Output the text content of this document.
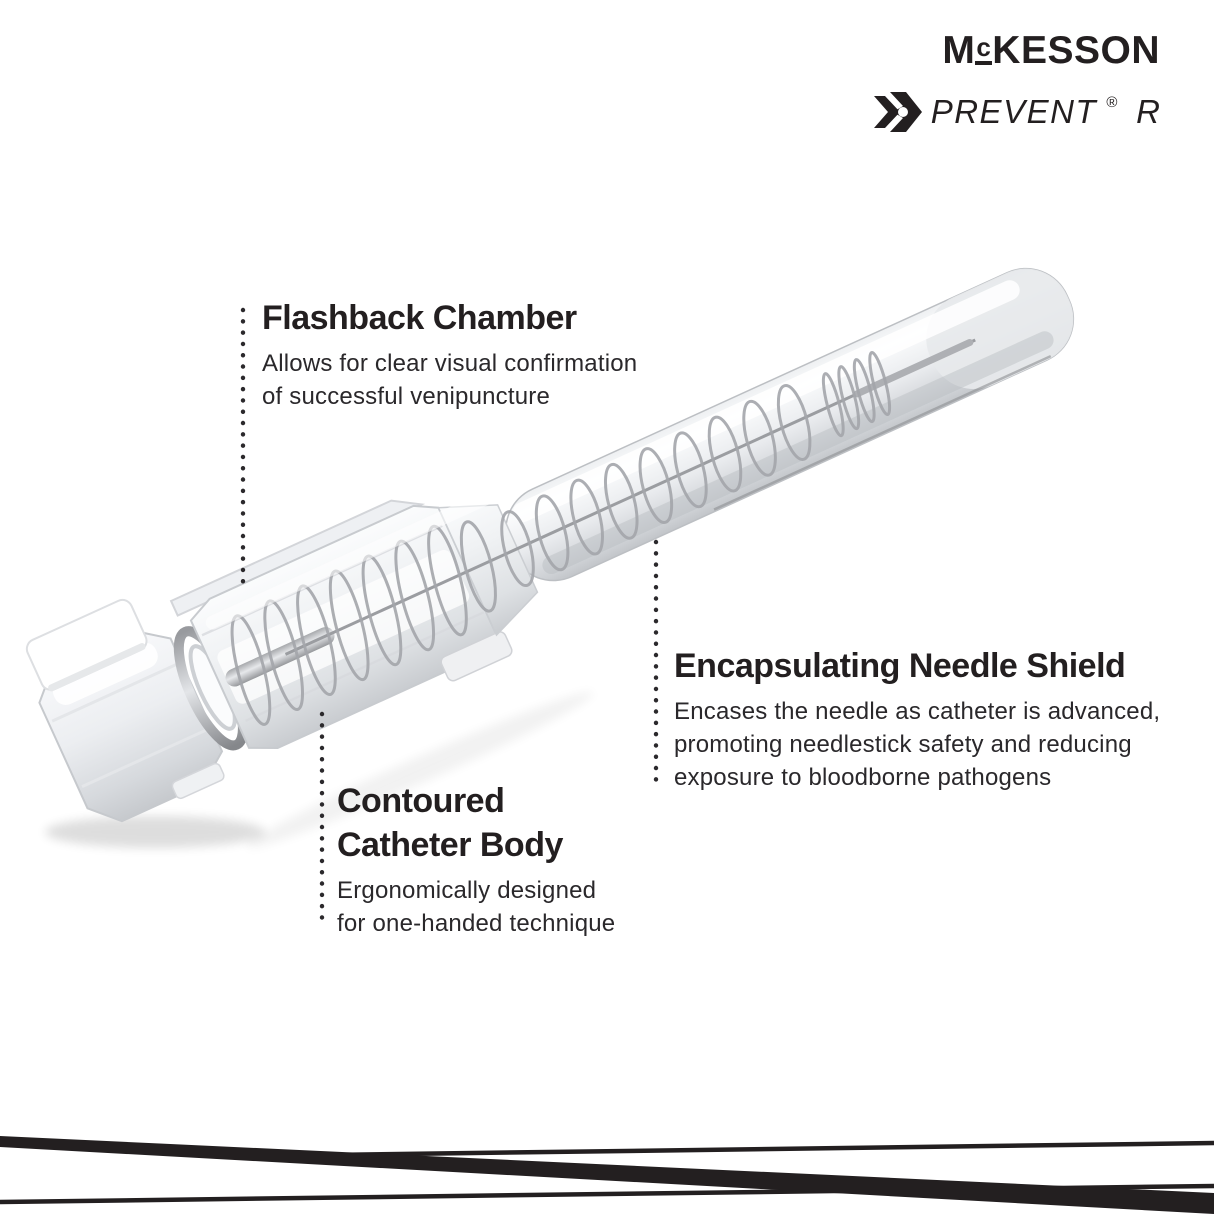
McKESSON
PREVENT ® R
Flashback Chamber
Allows for clear visual confirmation
of successful venipuncture
Encapsulating Needle Shield
Encases the needle as catheter is advanced,
promoting needlestick safety and reducing
exposure to bloodborne pathogens
Contoured
Catheter Body
Ergonomically designed
for one-handed technique
